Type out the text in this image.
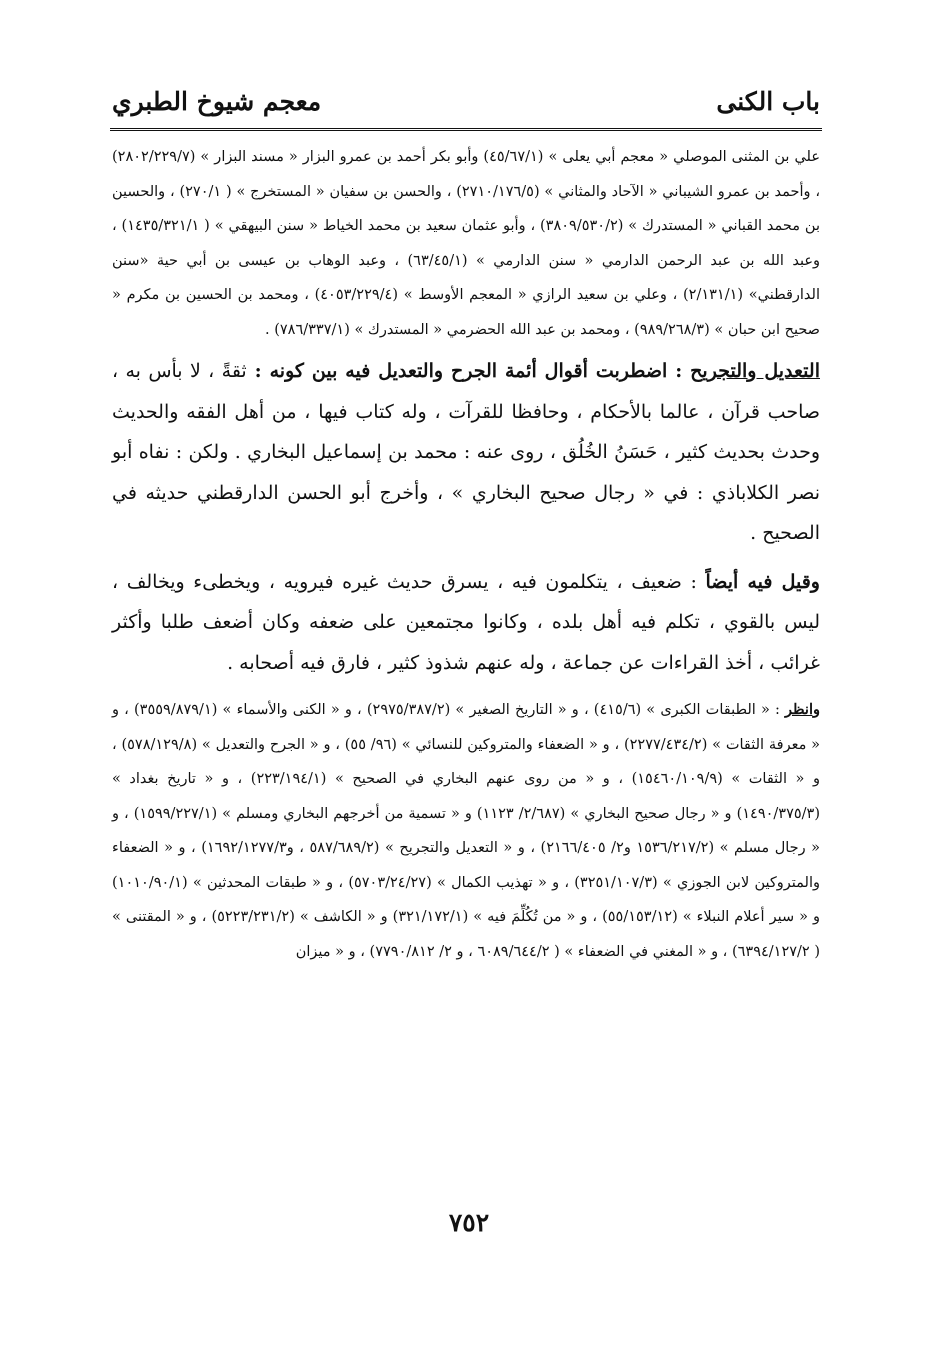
باب الكنى
معجم شيوخ الطبري

علي بن المثنى الموصلي « معجم أبي يعلى » (٤٥/٦٧/١) وأبو بكر أحمد بن عمرو البزار « مسند البزار » (٢٨٠٢/٢٢٩/٧) ، وأحمد بن عمرو الشيباني « الآحاد والمثاني » (٢٧١٠/١٧٦/٥) ، والحسن بن سفيان « المستخرج » ( ٢٧٠/١) ، والحسين بن محمد القباني « المستدرك » (٣٨٠٩/٥٣٠/٢) ، وأبو عثمان سعيد بن محمد الخياط « سنن البيهقي » ( ١٤٣٥/٣٢١/١) ، وعبد الله بن عبد الرحمن الدارمي « سنن الدارمي » (٦٣/٤٥/١) ، وعبد الوهاب بن عيسى بن أبي حية «سنن الدارقطني» (٢/١٣١/١) ، وعلي بن سعيد الرازي « المعجم الأوسط » (٤٠٥٣/٢٢٩/٤) ، ومحمد بن الحسين بن مكرم « صحيح ابن حبان » (٩٨٩/٢٦٨/٣) ، ومحمد بن عبد الله الحضرمي « المستدرك » (٧٨٦/٣٣٧/١) .

التعديل والتجريح : اضطربت أقوال أئمة الجرح والتعديل فيه بين كونه : ثقةً ، لا بأس به ، صاحب قرآن ، عالما بالأحكام ، وحافظا للقرآت ، وله كتاب فيها ، من أهل الفقه والحديث وحدث بحديث كثير ، حَسَنُ الخُلُق ، روى عنه : محمد بن إسماعيل البخاري . ولكن : نفاه أبو نصر الكلاباذي : في « رجال صحيح البخاري » ، وأخرج أبو الحسن الدارقطني حديثه في الصحيح .

وقيل فيه أيضاً : ضعيف ، يتكلمون فيه ، يسرق حديث غيره فيرويه ، ويخطىء ويخالف ، ليس بالقوي ، تكلم فيه أهل بلده ، وكانوا مجتمعين على ضعفه وكان أضعف طلبا وأكثر غرائب ، أخذ القراءات عن جماعة ، وله عنهم شذوذ كثير ، فارق فيه أصحابه .

وانظر : « الطبقات الكبرى » (٤١٥/٦) ، و « التاريخ الصغير » (٢٩٧٥/٣٨٧/٢) ، و « الكنى والأسماء » (٣٥٥٩/٨٧٩/١) ، و « معرفة الثقات » (٢٢٧٧/٤٣٤/٢) ، و « الضعفاء والمتروكين للنسائي » (٩٦/ ٥٥) ، و « الجرح والتعديل » (٥٧٨/١٢٩/٨) ، و « الثقات » (١٥٤٦٠/١٠٩/٩) ، و « من روى عنهم البخاري في الصحيح » (٢٢٣/١٩٤/١) ، و « تاريخ بغداد » (١٤٩٠/٣٧٥/٣) و « رجال صحيح البخاري » (٢/٦٨٧/ ١١٢٣) و « تسمية من أخرجهم البخاري ومسلم » (١٥٩٩/٢٢٧/١) ، و « رجال مسلم » (١٥٣٦/٢١٧/٢ و٢/ ٢١٦٦/٤٠٥) ، و « التعديل والتجريح » (٥٨٧/٦٨٩/٢ ، و١٦٩٢/١٢٧٧/٣) ، و « الضعفاء والمتروكين لابن الجوزي » (٣٢٥١/١٠٧/٣) ، و « تهذيب الكمال » (٥٧٠٣/٢٤/٢٧) ، و « طبقات المحدثين » (١٠١٠/٩٠/١) و « سير أعلام النبلاء » (٥٥/١٥٣/١٢) ، و « من تُكُلِّمَ فيه » (٣٢١/١٧٢/١) و « الكاشف » (٥٢٢٣/٢٣١/٢) ، و « المقتنى » ( ٦٣٩٤/١٢٧/٢) ، و « المغني في الضعفاء » ( ٦٠٨٩/٦٤٤/٢ ، و ٢/ ٧٧٩٠/٨١٢) ، و « ميزان

٧٥٢
